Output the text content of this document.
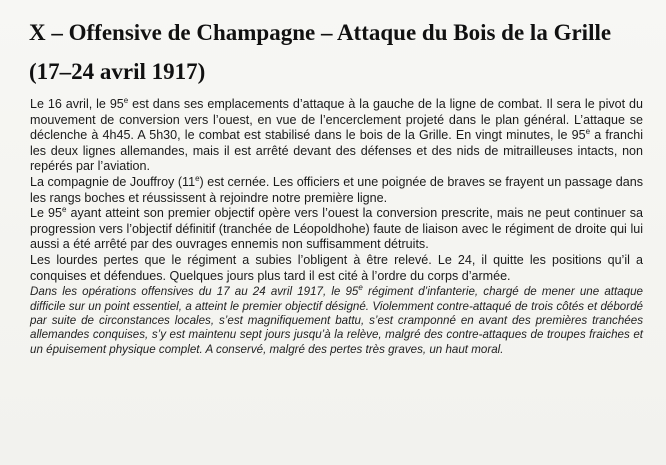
X – Offensive de Champagne – Attaque du Bois de la Grille
(17–24 avril 1917)

Le 16 avril, le 95e est dans ses emplacements d’attaque à la gauche de la ligne de combat. Il sera le pivot du mouvement de conversion vers l’ouest, en vue de l’encerclement projeté dans le plan général. L’attaque se déclenche à 4h45. A 5h30, le combat est stabilisé dans le bois de la Grille. En vingt minutes, le 95e a franchi les deux lignes allemandes, mais il est arrêté devant des défenses et des nids de mitrailleuses intacts, non repérés par l’aviation.

La compagnie de Jouffroy (11e) est cernée. Les officiers et une poignée de braves se frayent un passage dans les rangs boches et réussissent à rejoindre notre première ligne.

Le 95e ayant atteint son premier objectif opère vers l’ouest la conversion prescrite, mais ne peut continuer sa progression vers l’objectif définitif (tranchée de Léopoldhohe) faute de liaison avec le régiment de droite qui lui aussi a été arrêté par des ouvrages ennemis non suffisamment détruits.

Les lourdes pertes que le régiment a subies l’obligent à être relevé. Le 24, il quitte les positions qu’il a conquises et défendues. Quelques jours plus tard il est cité à l’ordre du corps d’armée.

Dans les opérations offensives du 17 au 24 avril 1917, le 95e régiment d’infanterie, chargé de mener une attaque difficile sur un point essentiel, a atteint le premier objectif désigné. Violemment contre-attaqué de trois côtés et débordé par suite de circonstances locales, s’est magnifiquement battu, s’est cramponné en avant des premières tranchées allemandes conquises, s’y est maintenu sept jours jusqu’à la relève, malgré des contre-attaques de troupes fraiches et un épuisement physique complet. A conservé, malgré des pertes très graves, un haut moral.
